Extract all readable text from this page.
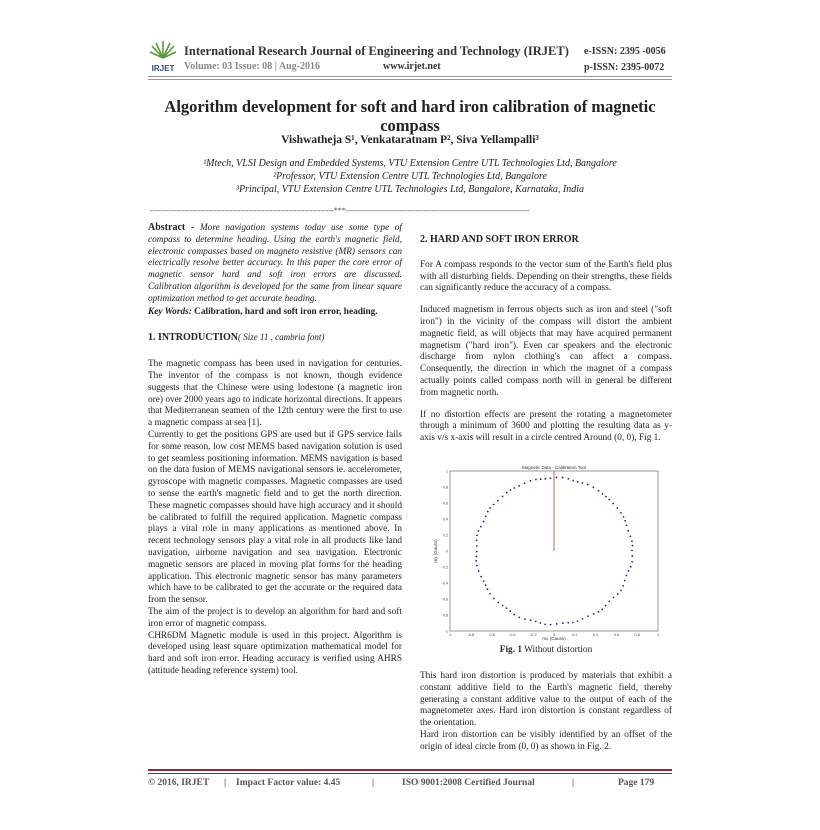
IRJET
International Research Journal of Engineering and Technology (IRJET)
Volume: 03 Issue: 08 | Aug-2016	www.irjet.net
e-ISSN: 2395 -0056
p-ISSN: 2395-0072
Algorithm development for soft and hard iron calibration of magnetic compass
Vishwatheja S¹, Venkataratnam P², Siva Yellampalli³
¹Mtech, VLSI Design and Embedded Systems, VTU Extension Centre UTL Technologies Ltd, Bangalore
²Professor, VTU Extension Centre UTL Technologies Ltd, Bangalore
³Principal, VTU Extension Centre UTL Technologies Ltd, Bangalore, Karnataka, India
---------------------------------------------------------------------***---------------------------------------------------------------------

Abstract - More navigation systems today use some type of compass to determine heading. Using the earth's magnetic field, electronic compasses based on magneto resistive (MR) sensors can electrically resolve better accuracy. In this paper the core error of magnetic sensor hard and soft iron errors are discussed. Calibration algorithm is developed for the same from linear square optimization method to get accurate heading.

Key Words: Calibration, hard and soft iron error, heading.

1. INTRODUCTION( Size 11 , cambria font)

The magnetic compass has been used in navigation for centuries. The inventor of the compass is not known, though evidence suggests that the Chinese were using lodestone (a magnetic iron ore) over 2000 years ago to indicate horizontal directions. It appears that Mediterranean seamen of the 12th century were the first to use a magnetic compass at sea [1].

Currently to get the positions GPS are used but if GPS service fails for some reason, low cost MEMS based navigation solution is used to get seamless positioning information. MEMS navigation is based on the data fusion of MEMS navigational sensors ie. accelerometer, gyroscope with magnetic compasses. Magnetic compasses are used to sense the earth's magnetic field and to get the north direction. These magnetic compasses should have high accuracy and it should be calibrated to fulfill the required application. Magnetic compass plays a vital role in many applications as mentioned above. In recent technology sensors play a vital role in all products like land navigation, airborne navigation and sea navigation. Electronic magnetic sensors are placed in moving plat forms for the heading application. This electronic magnetic sensor has many parameters which have to be calibrated to get the accurate or the required data from the sensor.

The aim of the project is to develop an algorithm for hard and soft iron error of magnetic compass.

CHR6DM Magnetic module is used in this project. Algorithm is developed using least square optimization mathematical model for hard and soft iron error. Heading accuracy is verified using AHRS (attitude heading reference system) tool.

2. HARD AND SOFT IRON ERROR

For A compass responds to the vector sum of the Earth's field plus with all disturbing fields. Depending on their strengths, these fields can significantly reduce the accuracy of a compass.

Induced magnetism in ferrous objects such as iron and steel ("soft iron") in the vicinity of the compass will distort the ambient magnetic field, as will objects that may have acquired permanent magnetism ("hard iron"). Even car speakers and the electronic discharge from nylon clothing's can affect a compass. Consequently, the direction in which the magnet of a compass actually points called compass north will in general be different from magnetic north.

If no distortion effects are present the rotating a magnetometer through a minimum of 3600 and plotting the resulting data as y-axis v/s x-axis will result in a circle centred Around (0, 0), Fig 1.

Magnetic Data - Calibration Tool
mx (Gauss)
my (Gauss)
-1	-0.8	-0.6	-0.4	-0.2	0	0.2	0.4	0.6	0.8	1
1
0.8
0.6
0.4
0.2
0
-0.2
-0.4
-0.6
-0.8
-1
Fig. 1 Without distortion

This hard iron distortion is produced by materials that exhibit a constant additive field to the Earth's magnetic field, thereby generating a constant additive value to the output of each of the magnetometer axes. Hard iron distortion is constant regardless of the orientation.

Hard iron distortion can be visibly identified by an offset of the origin of ideal circle from (0, 0) as shown in Fig. 2.

© 2016, IRJET | Impact Factor value: 4.45	|	ISO 9001:2008 Certified Journal	|	Page 179
